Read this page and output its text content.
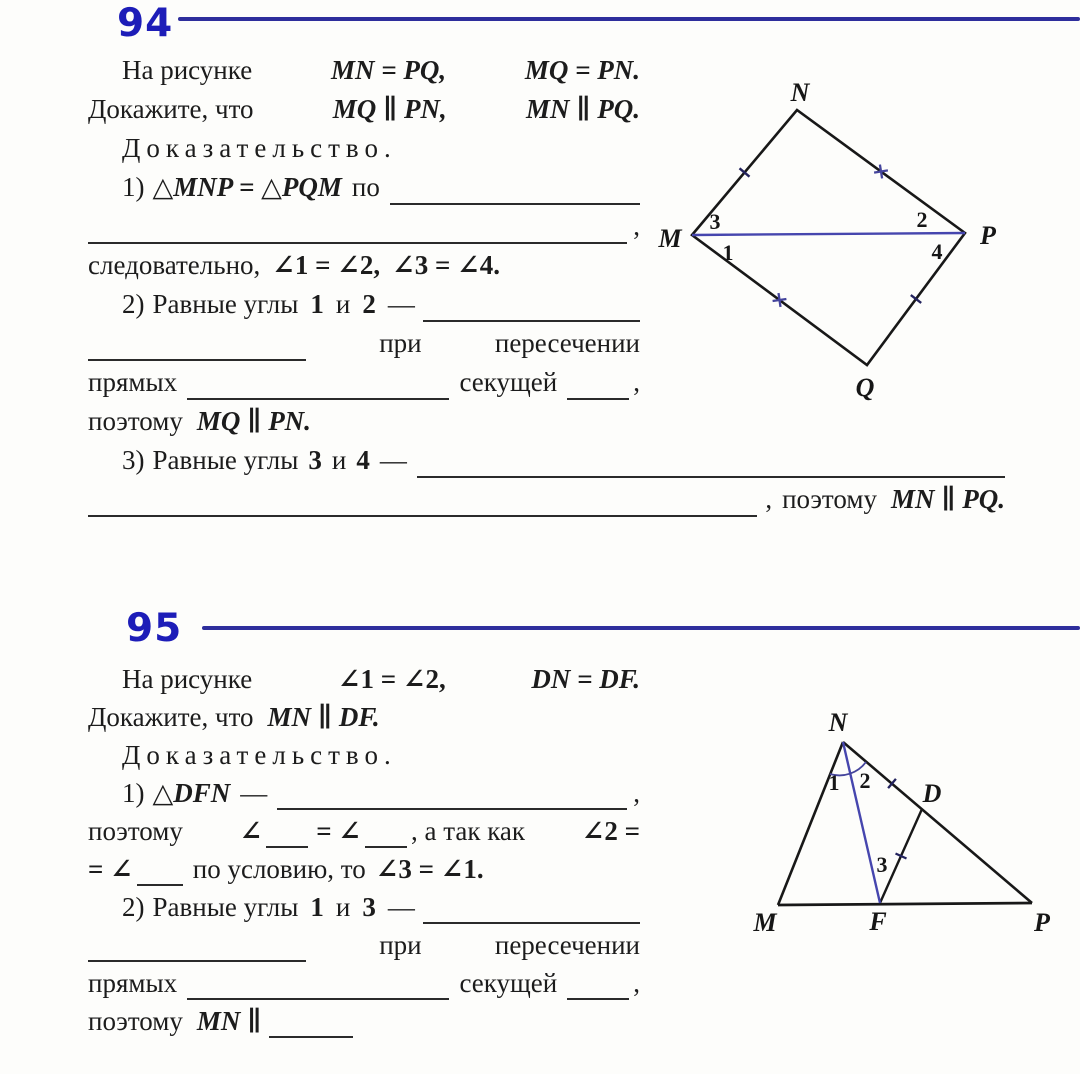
94
На рисунке	MN = PQ,	MQ = PN.
Докажите, что	MQ ∥ PN,	MN ∥ PQ.
Доказательство.
1) △MNP = △PQM по
,
следовательно, ∠1 = ∠2, ∠3 = ∠4.
2) Равные углы 1 и 2 —
при	пересечении
прямых	секущей	,
поэтому MQ ∥ PN.
3) Равные углы 3 и 4 —
, поэтому MN ∥ PQ.
N
M	P
Q
3
1
2
4
95
На рисунке	∠1 = ∠2,	DN = DF.
Докажите, что MN ∥ DF.
Доказательство.
1) △DFN —	,
поэтому ∠ = ∠ , а так как ∠2 =
= ∠ по условию, то ∠3 = ∠1.
2) Равные углы 1 и 3 —
при	пересечении
прямых	секущей	,
поэтому MN ∥
N
M	F	P
D
1 2
3
